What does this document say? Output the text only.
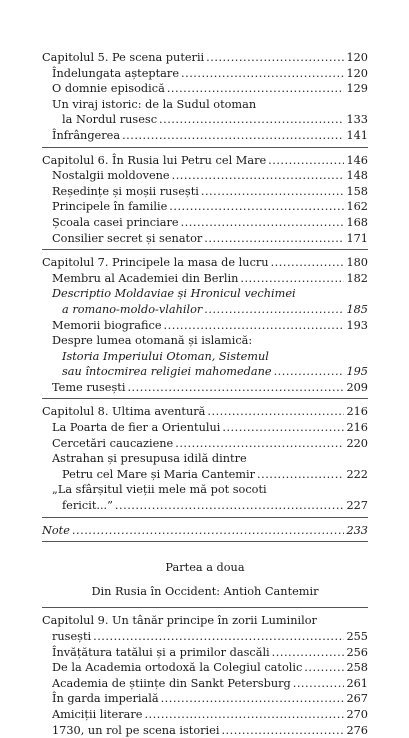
Capitolul 5. Pe scena puterii .....	120
Îndelungata așteptare .....	120
O domnie episodică .....	129
Un viraj istoric: de la Sudul otoman
la Nordul rusesc .....	133
Înfrângerea .....	141
Capitolul 6. În Rusia lui Petru cel Mare .....	146
Nostalgii moldovene .....	148
Reședințe și moșii rusești .....	158
Principele în familie .....	162
Școala casei princiare .....	168
Consilier secret și senator .....	171
Capitolul 7. Principele la masa de lucru .....	180
Membru al Academiei din Berlin .....	182
Descriptio Moldaviae și Hronicul vechimei
a romano-moldo-vlahilor .....	185
Memorii biografice .....	193
Despre lumea otomană și islamică:
Istoria Imperiului Otoman, Sistemul
sau întocmirea religiei mahomedane .....	195
Teme rusești .....	209
Capitolul 8. Ultima aventură .....	216
La Poarta de fier a Orientului .....	216
Cercetări caucaziene .....	220
Astrahan și presupusa idilă dintre
Petru cel Mare și Maria Cantemir .....	222
„La sfârșitul vieții mele mă pot socoti
fericit...” .....	227
Note .....	233
Partea a doua
Din Rusia în Occident: Antioh Cantemir
Capitolul 9. Un tânăr principe în zorii Luminilor
rusești .....	255
Învățătura tatălui și a primilor dascăli .....	256
De la Academia ortodoxă la Colegiul catolic .....	258
Academia de științe din Sankt Petersburg .....	261
În garda imperială .....	267
Amiciții literare .....	270
1730, un rol pe scena istoriei .....	276
